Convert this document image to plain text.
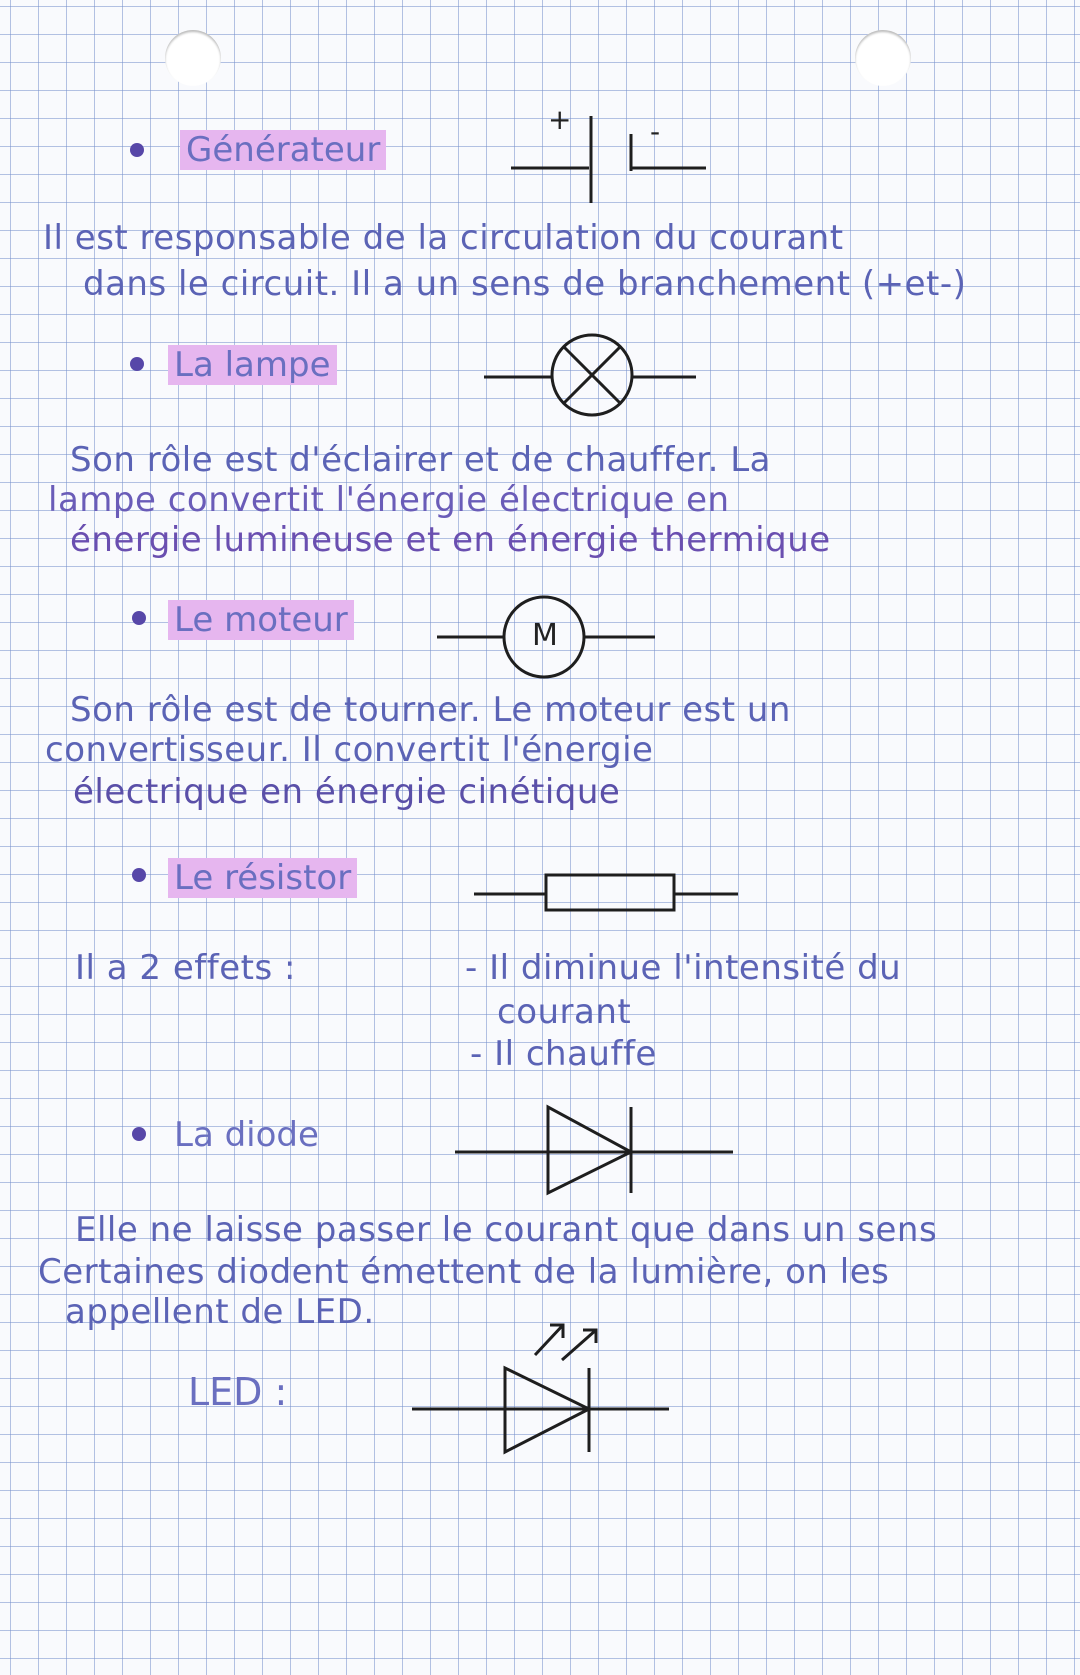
Générateur
+	-
Il est responsable de la circulation du courant
dans le circuit. Il a un sens de branchement (+et-)
La lampe
Son rôle est d'éclairer et de chauffer. La
lampe convertit l'énergie électrique en
énergie lumineuse et en énergie thermique
Le moteur	M
Son rôle est de tourner. Le moteur est un
convertisseur. Il convertit l'énergie
électrique en énergie cinétique
Le résistor
Il a 2 effets :	- Il diminue l'intensité du
courant
- Il chauffe
La diode
Elle ne laisse passer le courant que dans un sens
Certaines diodent émettent de la lumière, on les
appellent de LED.
LED :
